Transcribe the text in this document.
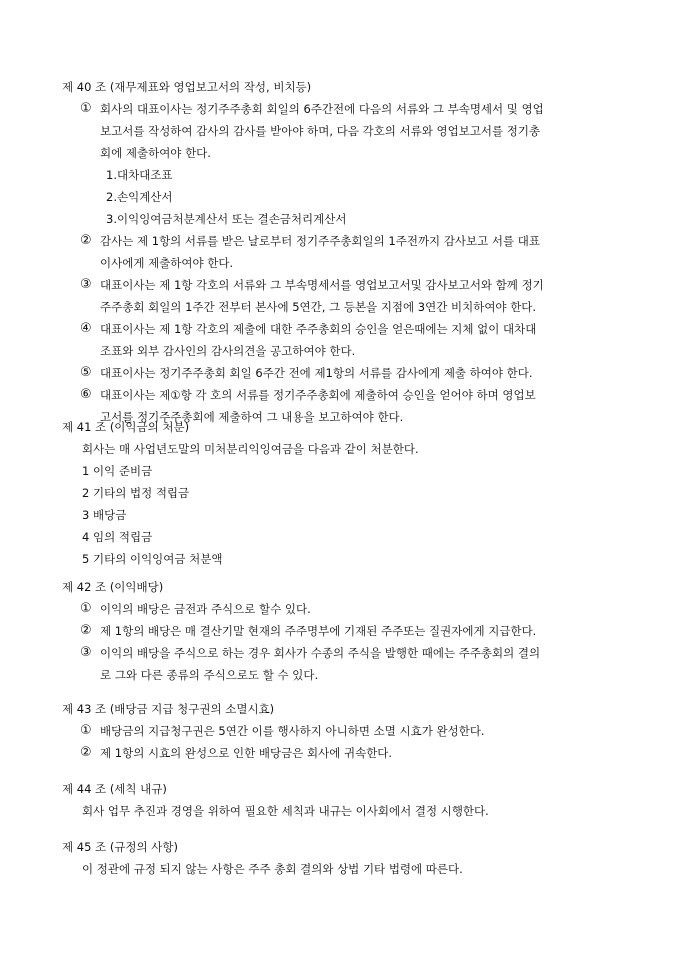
제 40 조 (재무제표와 영업보고서의 작성, 비치등)
① 회사의 대표이사는 정기주주총회 회일의 6주간전에 다음의 서류와 그 부속명세서 및 영업
보고서를 작성하여 감사의 감사를 받아야 하며, 다음 각호의 서류와 영업보고서를 정기총
회에 제출하여야 한다.
1.대차대조표
2.손익계산서
3.이익잉여금처분계산서 또는 결손금처리계산서
② 감사는 제 1항의 서류를 받은 날로부터 정기주주총회일의 1주전까지 감사보고 서를 대표
이사에게 제출하여야 한다.
③ 대표이사는 제 1항 각호의 서류와 그 부속명세서를 영업보고서및 감사보고서와 함께 정기
주주총회 회일의 1주간 전부터 본사에 5연간, 그 등본을 지점에 3연간 비치하여야 한다.
④ 대표이사는 제 1항 각호의 제출에 대한 주주총회의 승인을 얻은때에는 지체 없이 대차대
조표와 외부 감사인의 감사의견을 공고하여야 한다.
⑤ 대표이사는 정기주주총회 회일 6주간 전에 제1항의 서류를 감사에게 제출 하여야 한다.
⑥ 대표이사는 제①항 각 호의 서류를 정기주주총회에 제출하여 승인을 얻어야 하며 영업보
고서를 정기주주총회에 제출하여 그 내용을 보고하여야 한다.
제 41 조 (이익금의 처분)
회사는 매 사업년도말의 미처분리익잉여금을 다음과 같이 처분한다.
1 이익 준비금
2 기타의 법정 적립금
3 배당금
4 임의 적립금
5 기타의 이익잉여금 처분액
제 42 조 (이익배당)
① 이익의 배당은 금전과 주식으로 할수 있다.
② 제 1항의 배당은 매 결산기말 현재의 주주명부에 기재된 주주또는 질권자에게 지급한다.
③ 이익의 배당을 주식으로 하는 경우 회사가 수종의 주식을 발행한 때에는 주주총회의 결의
로 그와 다른 종류의 주식으로도 할 수 있다.
제 43 조 (배당금 지급 청구권의 소멸시효)
① 배당금의 지급청구권은 5연간 이를 행사하지 아니하면 소멸 시효가 완성한다.
② 제 1항의 시효의 완성으로 인한 배당금은 회사에 귀속한다.
제 44 조 (세칙 내규)
회사 업무 추진과 경영을 위하여 필요한 세칙과 내규는 이사회에서 결정 시행한다.
제 45 조 (규정의 사항)
이 정관에 규정 되지 않는 사항은 주주 총회 결의와 상법 기타 법령에 따른다.
